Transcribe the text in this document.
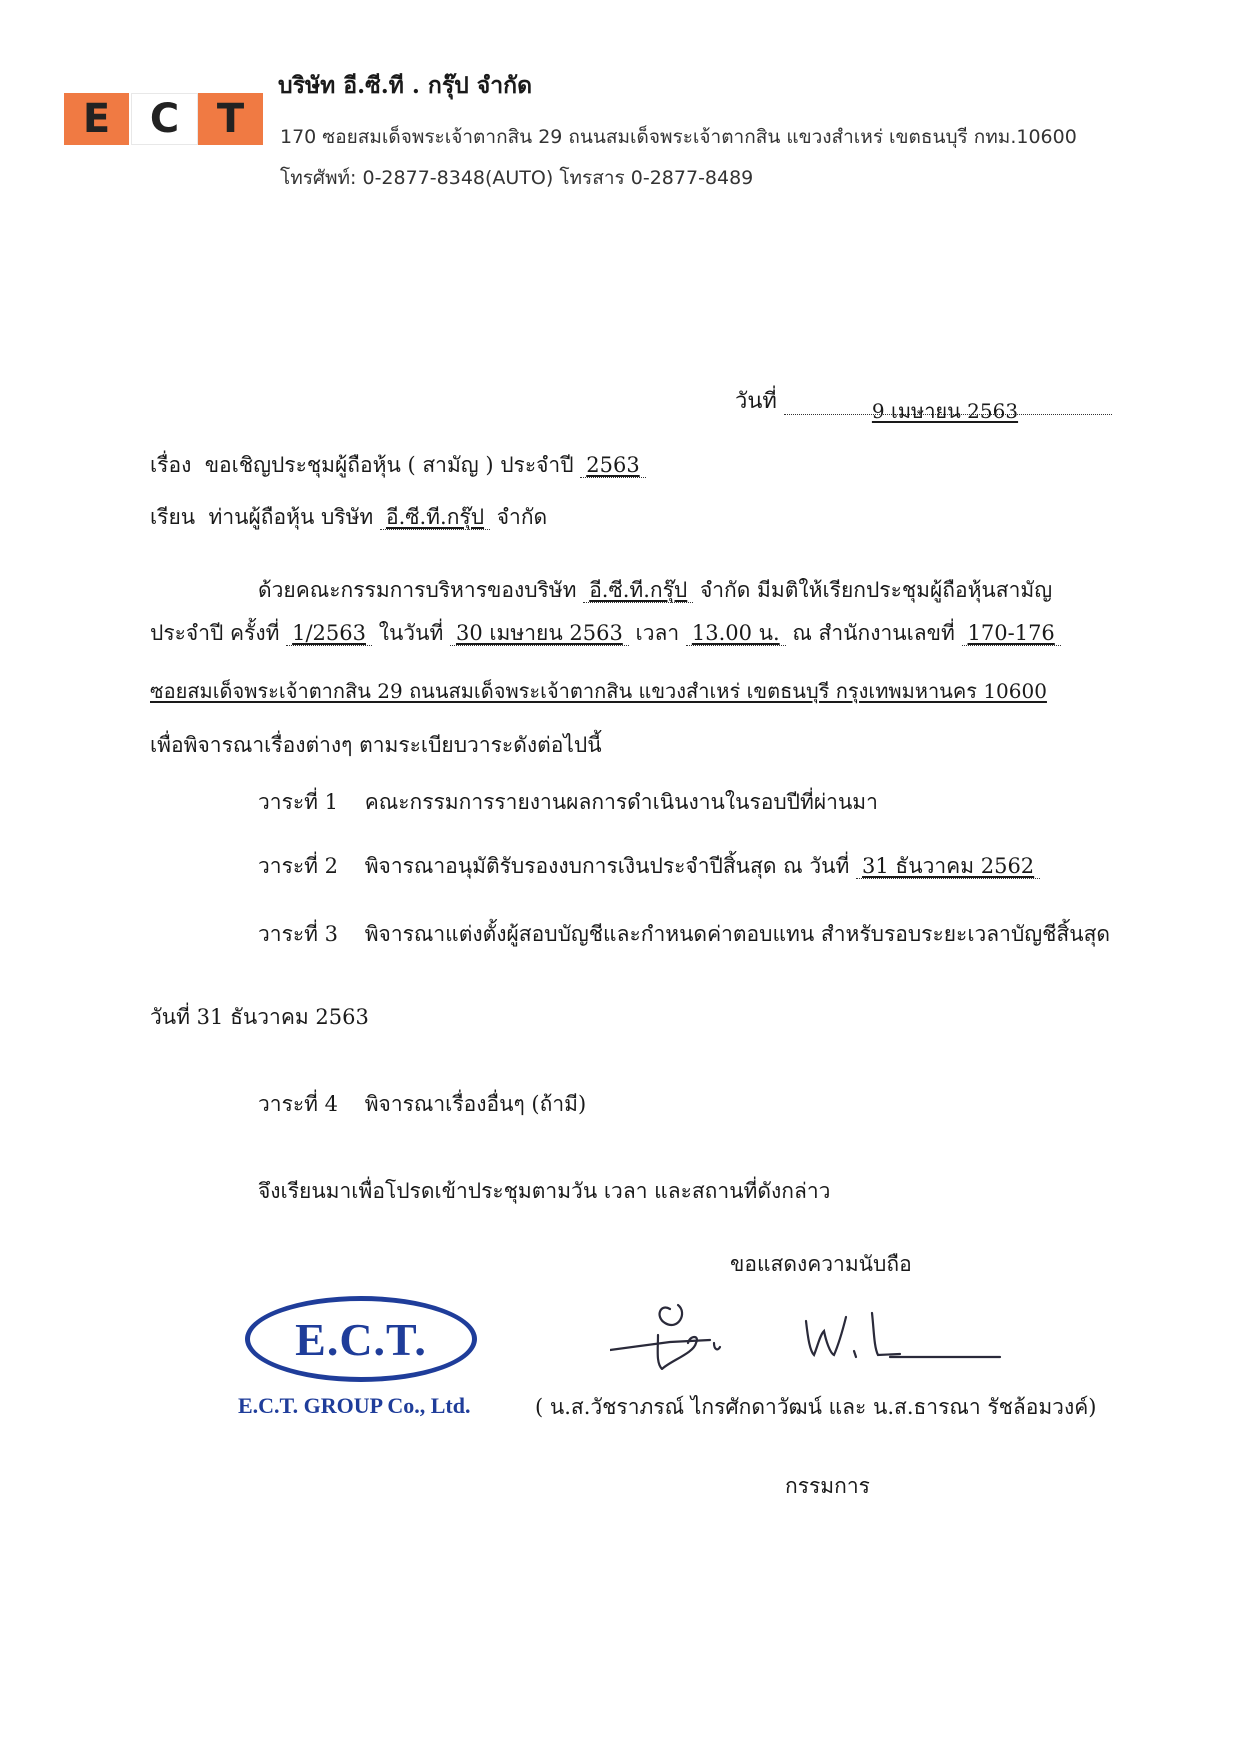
E C T
บริษัท อี.ซี.ที . กรุ๊ป จำกัด
170 ซอยสมเด็จพระเจ้าตากสิน 29 ถนนสมเด็จพระเจ้าตากสิน แขวงสำเหร่ เขตธนบุรี กทม.10600
โทรศัพท์: 0-2877-8348(AUTO) โทรสาร 0-2877-8489
วันที่	9 เมษายน 2563

เรื่อง ขอเชิญประชุมผู้ถือหุ้น ( สามัญ ) ประจำปี 2563
เรียน ท่านผู้ถือหุ้น บริษัท อี.ซี.ที.กรุ๊ป จำกัด
ด้วยคณะกรรมการบริหารของบริษัท อี.ซี.ที.กรุ๊ป จำกัด มีมติให้เรียกประชุมผู้ถือหุ้นสามัญ
ประจำปี ครั้งที่ 1/2563 ในวันที่ 30 เมษายน 2563 เวลา 13.00 น. ณ สำนักงานเลขที่ 170-176
ซอยสมเด็จพระเจ้าตากสิน 29 ถนนสมเด็จพระเจ้าตากสิน แขวงสำเหร่ เขตธนบุรี กรุงเทพมหานคร 10600
เพื่อพิจารณาเรื่องต่างๆ ตามระเบียบวาระดังต่อไปนี้
วาระที่ 1 คณะกรรมการรายงานผลการดำเนินงานในรอบปีที่ผ่านมา
วาระที่ 2 พิจารณาอนุมัติรับรองงบการเงินประจำปีสิ้นสุด ณ วันที่ 31 ธันวาคม 2562
วาระที่ 3 พิจารณาแต่งตั้งผู้สอบบัญชีและกำหนดค่าตอบแทน สำหรับรอบระยะเวลาบัญชีสิ้นสุด
วันที่ 31 ธันวาคม 2563
วาระที่ 4 พิจารณาเรื่องอื่นๆ (ถ้ามี)
จึงเรียนมาเพื่อโปรดเข้าประชุมตามวัน เวลา และสถานที่ดังกล่าว
ขอแสดงความนับถือ
E.C.T.
E.C.T. GROUP Co., Ltd.	( น.ส.วัชราภรณ์ ไกรศักดาวัฒน์ และ น.ส.ธารณา รัชล้อมวงค์)
กรรมการ
